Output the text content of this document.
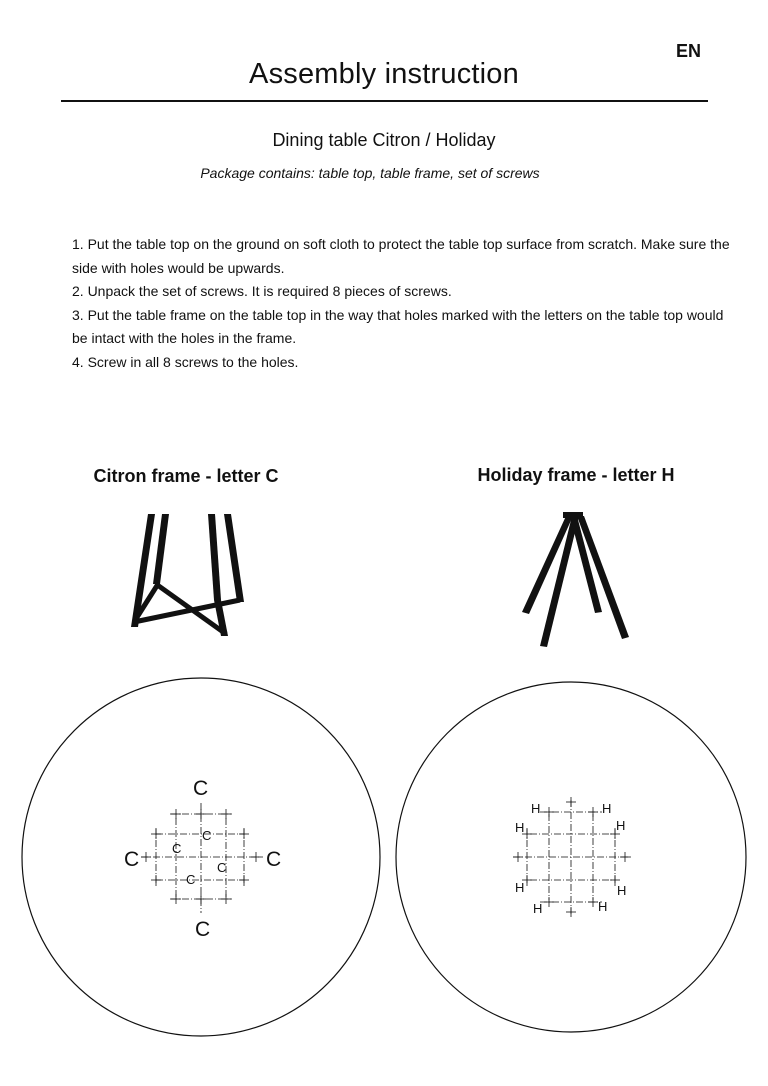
EN
Assembly instruction
Dining table Citron / Holiday
Package contains: table top, table frame, set of screws

1. Put the table top on the ground on soft cloth to protect the table top surface from scratch. Make sure the side with holes would be upwards.

2. Unpack the set of screws. It is required 8 pieces of screws.

3. Put the table frame on the table top in the way that holes marked with the letters on the table top would be intact with the holes in the frame.

4. Screw in all 8 screws to the holes.

Citron frame - letter C	Holiday frame - letter H
C
C
C	C
C
C
C
C
H	H
H	H
H	H
H	H
